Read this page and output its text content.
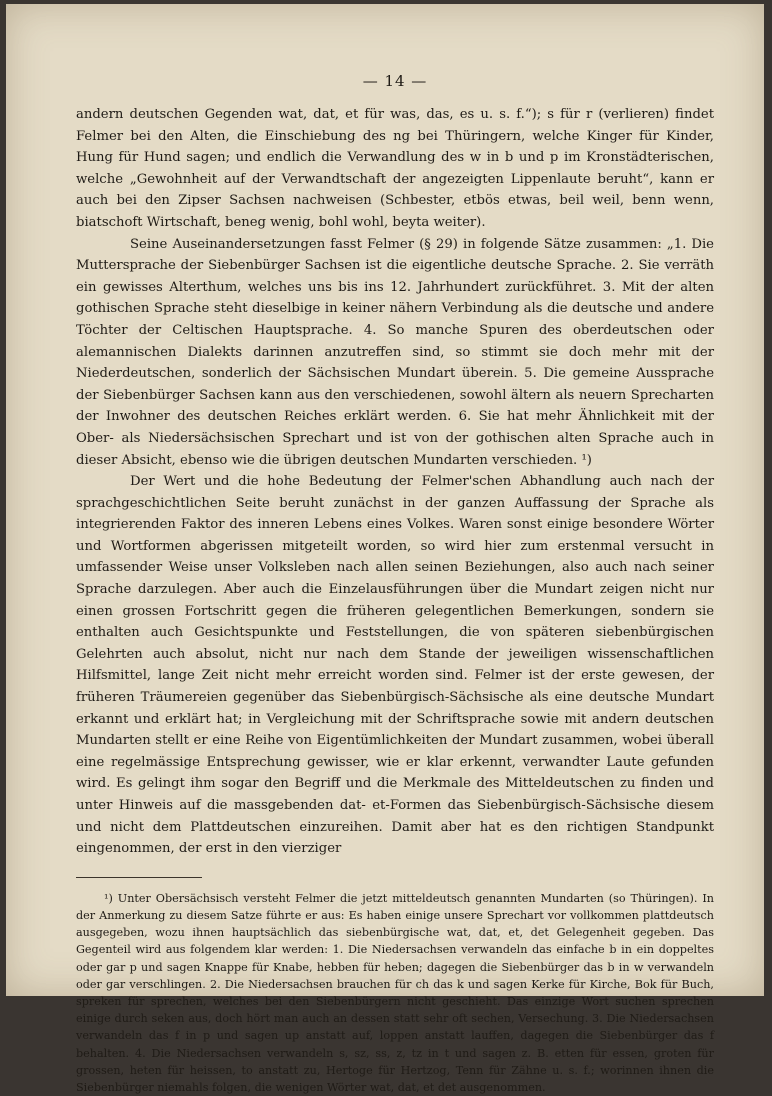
— 14 —

andern deutschen Gegenden wat, dat, et für was, das, es u. s. f.“); s für r (verlieren) findet Felmer bei den Alten, die Einschiebung des ng bei Thüringern, welche Kinger für Kinder, Hung für Hund sagen; und endlich die Verwandlung des w in b und p im Kronstädterischen, welche „Gewohnheit auf der Verwandtschaft der angezeigten Lippenlaute beruht“, kann er auch bei den Zipser Sachsen nachweisen (Schbester, etbös etwas, beil weil, benn wenn, biatschoft Wirtschaft, beneg wenig, bohl wohl, beyta weiter).

Seine Auseinandersetzungen fasst Felmer (§ 29) in folgende Sätze zusammen: „1. Die Muttersprache der Siebenbürger Sachsen ist die eigentliche deutsche Sprache. 2. Sie verräth ein gewisses Alterthum, welches uns bis ins 12. Jahrhundert zurückführet. 3. Mit der alten gothischen Sprache steht dieselbige in keiner nähern Verbindung als die deutsche und andere Töchter der Celtischen Hauptsprache. 4. So manche Spuren des oberdeutschen oder alemannischen Dialekts darinnen anzutreffen sind, so stimmt sie doch mehr mit der Niederdeutschen, sonderlich der Sächsischen Mundart überein. 5. Die gemeine Aussprache der Siebenbürger Sachsen kann aus den verschiedenen, sowohl ältern als neuern Sprecharten der Inwohner des deutschen Reiches erklärt werden. 6. Sie hat mehr Ähnlichkeit mit der Ober- als Niedersächsischen Sprechart und ist von der gothischen alten Sprache auch in dieser Absicht, ebenso wie die übrigen deutschen Mundarten verschieden. ¹)

Der Wert und die hohe Bedeutung der Felmer'schen Abhandlung auch nach der sprachgeschichtlichen Seite beruht zunächst in der ganzen Auffassung der Sprache als integrierenden Faktor des inneren Lebens eines Volkes. Waren sonst einige besondere Wörter und Wortformen abgerissen mitgeteilt worden, so wird hier zum erstenmal versucht in umfassender Weise unser Volksleben nach allen seinen Beziehungen, also auch nach seiner Sprache darzulegen. Aber auch die Einzelausführungen über die Mundart zeigen nicht nur einen grossen Fortschritt gegen die früheren gelegentlichen Bemerkungen, sondern sie enthalten auch Gesichtspunkte und Feststellungen, die von späteren siebenbürgischen Gelehrten auch absolut, nicht nur nach dem Stande der jeweiligen wissenschaftlichen Hilfsmittel, lange Zeit nicht mehr erreicht worden sind. Felmer ist der erste gewesen, der früheren Träumereien gegenüber das Siebenbürgisch-Sächsische als eine deutsche Mundart erkannt und erklärt hat; in Vergleichung mit der Schriftsprache sowie mit andern deutschen Mundarten stellt er eine Reihe von Eigentümlichkeiten der Mundart zusammen, wobei überall eine regelmässige Entsprechung gewisser, wie er klar erkennt, verwandter Laute gefunden wird. Es gelingt ihm sogar den Begriff und die Merkmale des Mitteldeutschen zu finden und unter Hinweis auf die massgebenden dat- et-Formen das Siebenbürgisch-Sächsische diesem und nicht dem Plattdeutschen einzureihen. Damit aber hat es den richtigen Standpunkt eingenommen, der erst in den vierziger

¹) Unter Obersächsisch versteht Felmer die jetzt mitteldeutsch genannten Mundarten (so Thüringen). In der Anmerkung zu diesem Satze führte er aus: Es haben einige unsere Sprechart vor vollkommen plattdeutsch ausgegeben, wozu ihnen hauptsächlich das siebenbürgische wat, dat, et, det Gelegenheit gegeben. Das Gegenteil wird aus folgendem klar werden: 1. Die Niedersachsen verwandeln das einfache b in ein doppeltes oder gar p und sagen Knappe für Knabe, hebben für heben; dagegen die Siebenbürger das b in w verwandeln oder gar verschlingen. 2. Die Niedersachsen brauchen für ch das k und sagen Kerke für Kirche, Bok für Buch, spreken für sprechen, welches bei den Siebenbürgern nicht geschieht. Das einzige Wort suchen sprechen einige durch seken aus, doch hört man auch an dessen statt sehr oft sechen, Versechung. 3. Die Niedersachsen verwandeln das f in p und sagen up anstatt auf, loppen anstatt lauffen, dagegen die Siebenbürger das f behalten. 4. Die Niedersachsen verwandeln s, sz, ss, z, tz in t und sagen z. B. etten für essen, groten für grossen, heten für heissen, to anstatt zu, Hertoge für Hertzog, Tenn für Zähne u. s. f.; worinnen ihnen die Siebenbürger niemahls folgen, die wenigen Wörter wat, dat, et det ausgenommen.
